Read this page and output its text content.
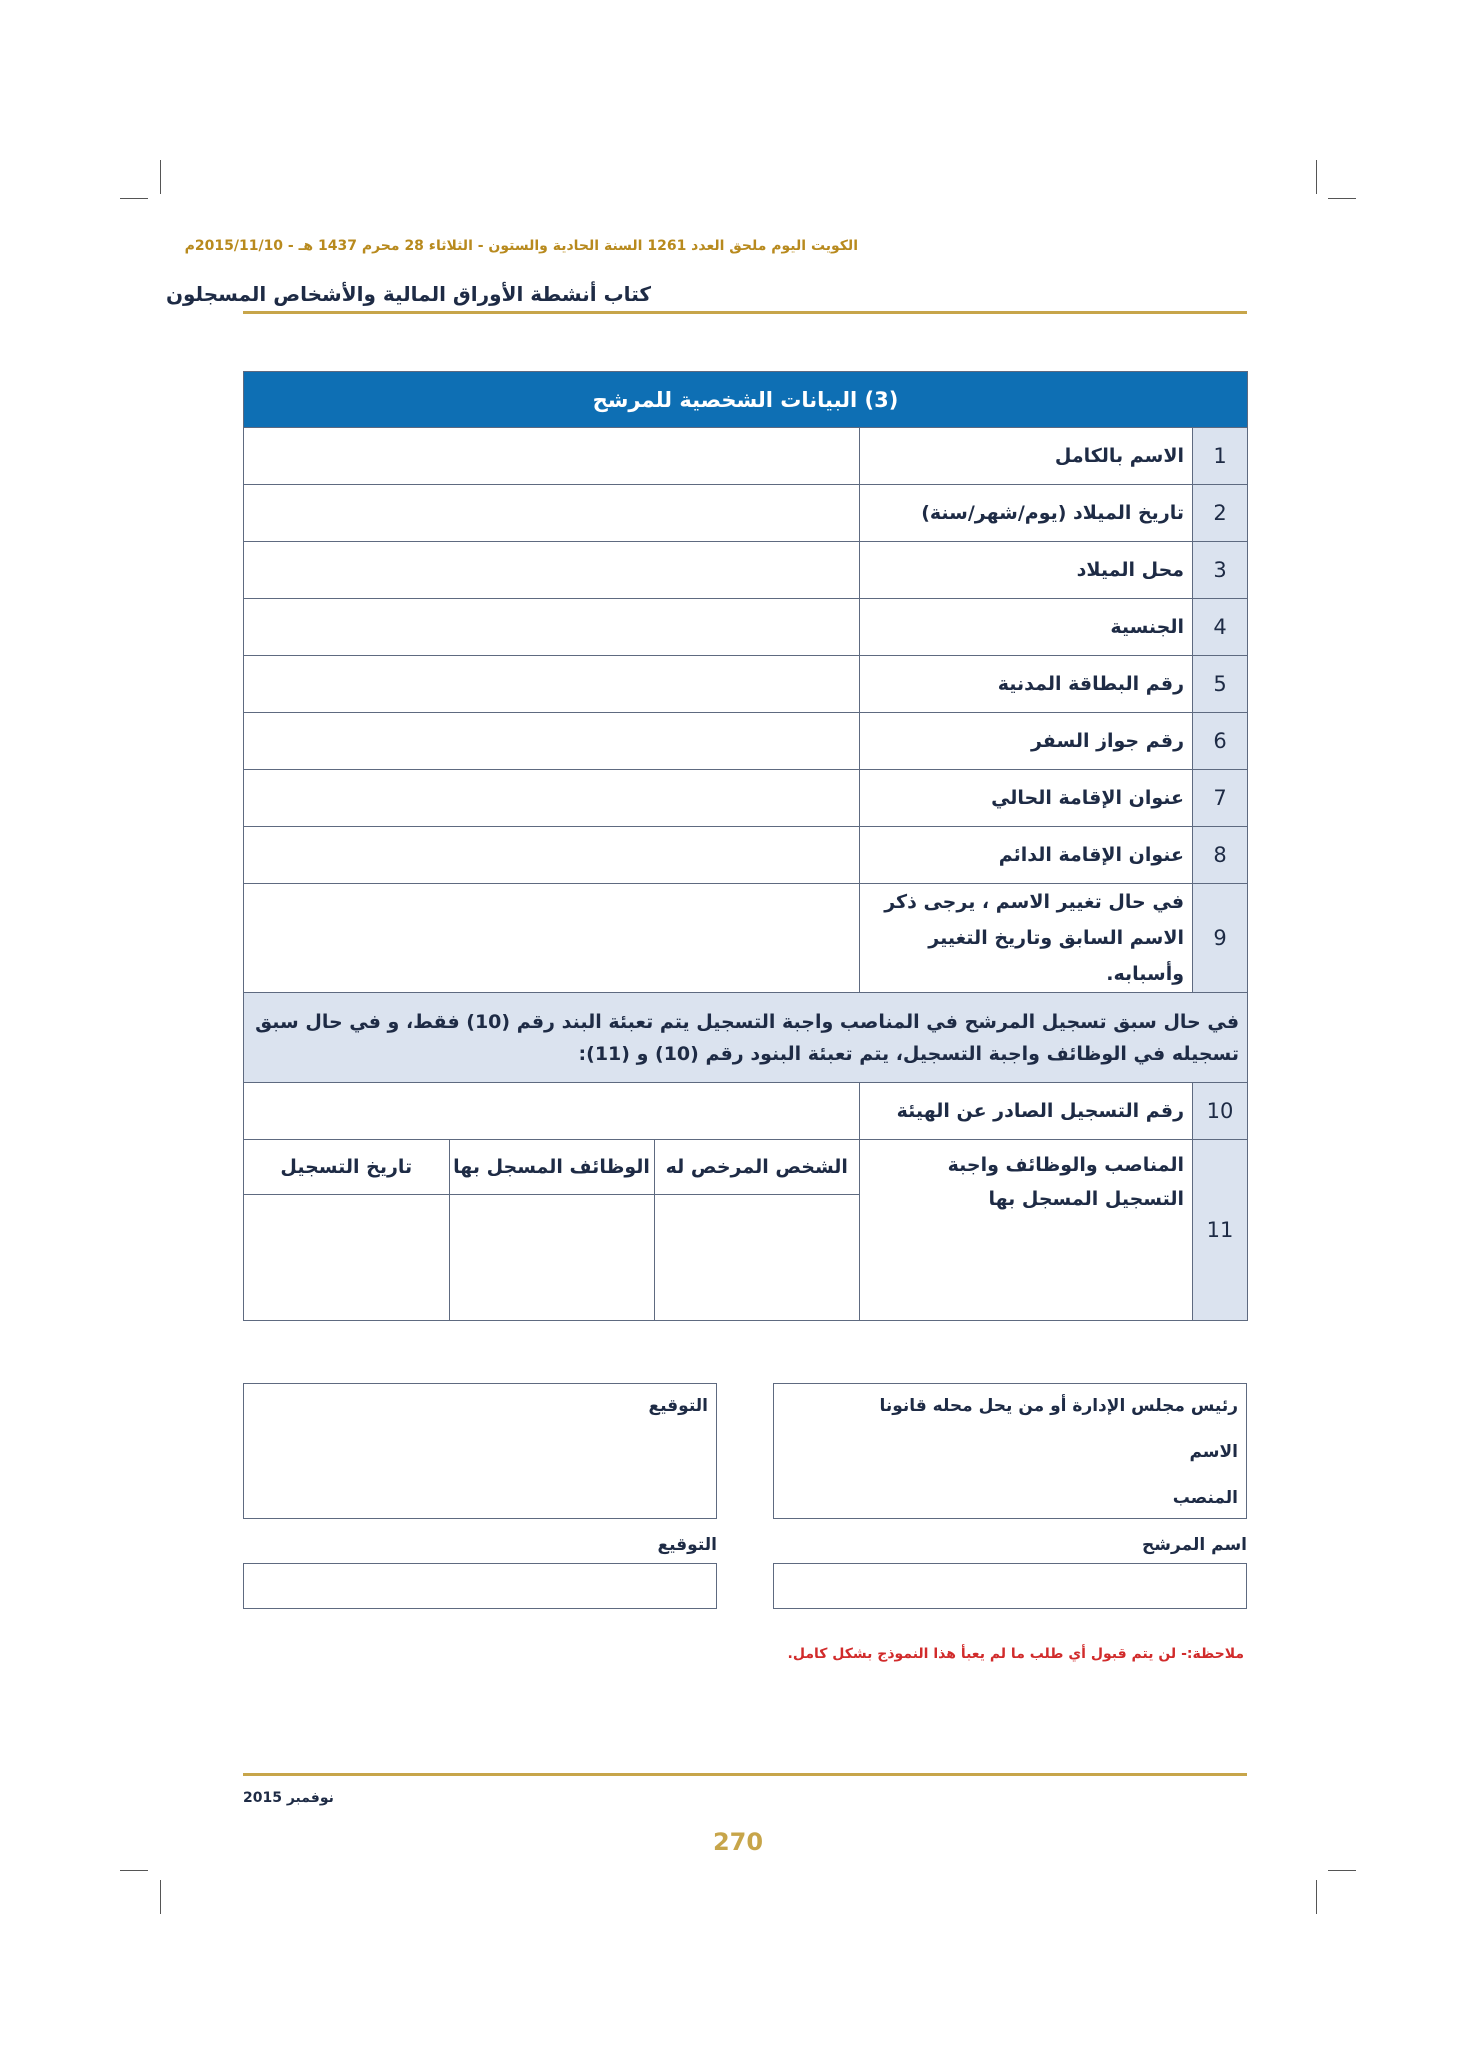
الكويت اليوم ملحق العدد 1261 السنة الحادية والستون - الثلاثاء 28 محرم 1437 هـ - 2015/11/10م
كتاب أنشطة الأوراق المالية والأشخاص المسجلون
(3) البيانات الشخصية للمرشح
1	الاسم بالكامل	
2	تاريخ الميلاد (يوم/شهر/سنة)	
3	محل الميلاد	
4	الجنسية	
5	رقم البطاقة المدنية	
6	رقم جواز السفر	
7	عنوان الإقامة الحالي	
8	عنوان الإقامة الدائم	
9	في حال تغيير الاسم ، يرجى ذكر الاسم السابق وتاريخ التغيير وأسبابه.	
في حال سبق تسجيل المرشح في المناصب واجبة التسجيل يتم تعبئة البند رقم (10) فقط، و في حال سبق تسجيله في الوظائف واجبة التسجيل، يتم تعبئة البنود رقم (10) و (11):
10	رقم التسجيل الصادر عن الهيئة	
11	المناصب والوظائف واجبة التسجيل المسجل بها	
الشخص المرخص له	الوظائف المسجل بها	تاريخ التسجيل

رئيس مجلس الإدارة أو من يحل محله قانونا
الاسم
المنصب
التوقيع
اسم المرشح
التوقيع
ملاحظة:- لن يتم قبول أي طلب ما لم يعبأ هذا النموذج بشكل كامل.
نوفمبر 2015
270
